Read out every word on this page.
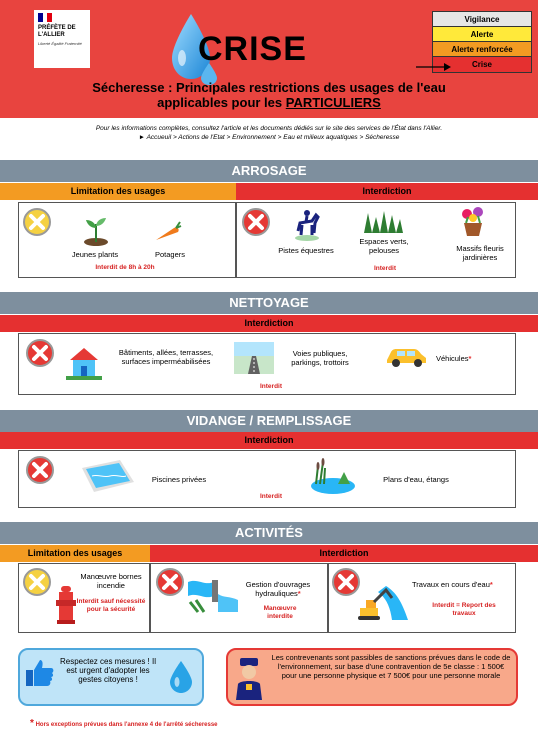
PRÉFÈTE DE L'ALLIER
Liberté Égalité Fraternité	CRISE
Vigilance
Alerte
Alerte renforcée
Crise
Sécheresse : Principales restrictions des usages de l'eau
applicables pour les PARTICULIERS
Pour les informations complètes, consultez l'article et les documents dédiés sur le site des services de l'État dans l'Allier.
► Accueuil > Actions de l'Etat > Environnement > Eau et milieux aquatiques > Sécheresse
ARROSAGE
Limitation des usages	Interdiction
Jeunes plants	Potagers
Interdit de 8h à 20h
Pistes équestres
Espaces verts, pelouses	Massifs fleuris jardinières
Interdit
NETTOYAGE
Interdiction
Bâtiments, allées, terrasses, surfaces imperméabilisées
Voies publiques, parkings, trottoirs	Véhicules*
Interdit
VIDANGE / REMPLISSAGE
Interdiction
Piscines privées	Plans d'eau, étangs
Interdit
ACTIVITÉS
Limitation des usages	Interdiction
Manœuvre bornes incendie
Interdit sauf nécessité pour la sécurité
Gestion d'ouvrages hydrauliques*
Manœuvre interdite
Travaux en cours d'eau*
Interdit = Report des travaux
Respectez ces mesures ! Il est urgent d'adopter les gestes citoyens !
Les contrevenants sont passibles de sanctions prévues dans le code de l'environnement, sur base d'une contravention de 5e classe : 1 500€ pour une personne physique et 7 500€ pour une personne morale
* Hors exceptions prévues dans l'annexe 4 de l'arrêté sécheresse
